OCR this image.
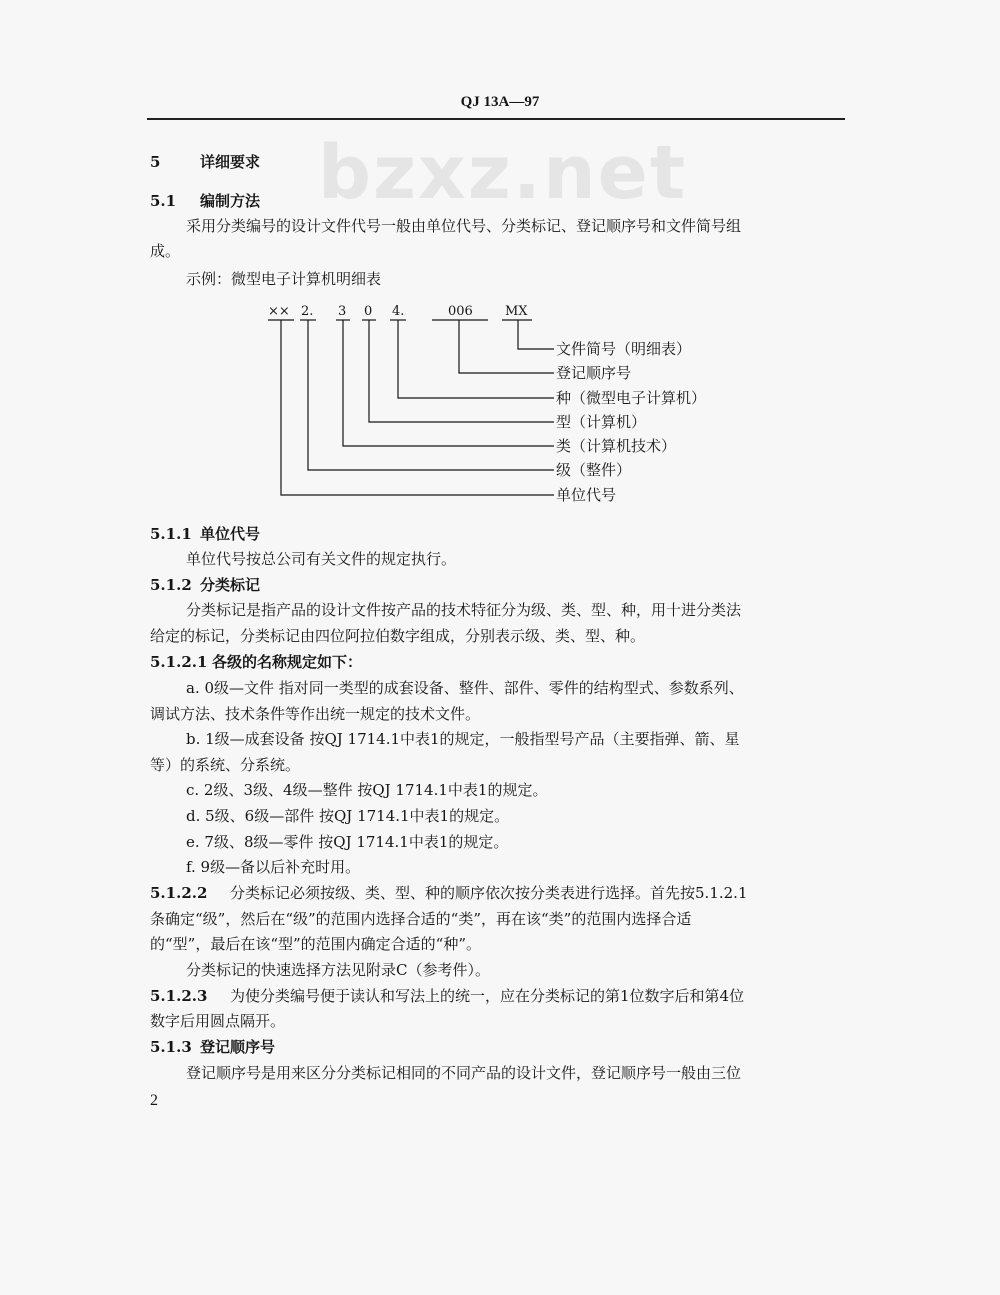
QJ 13A—97
bzxz.net
5	详细要求
5.1 编制方法
采用分类编号的设计文件代号一般由单位代号、分类标记、登记顺序号和文件简号组
成。
示例：微型电子计算机明细表
×× 2. 3 0 4.	006 MX
文件简号（明细表）
登记顺序号
种（微型电子计算机）
型（计算机）
类（计算机技术）
级（整件）
单位代号
5.1.1 单位代号
单位代号按总公司有关文件的规定执行。
5.1.2 分类标记
分类标记是指产品的设计文件按产品的技术特征分为级、类、型、种，用十进分类法
给定的标记，分类标记由四位阿拉伯数字组成，分别表示级、类、型、种。
5.1.2.1 各级的名称规定如下：
a. 0级—文件 指对同一类型的成套设备、整件、部件、零件的结构型式、参数系列、
调试方法、技术条件等作出统一规定的技术文件。
b. 1级—成套设备 按QJ 1714.1中表1的规定，一般指型号产品（主要指弹、箭、星
等）的系统、分系统。
c. 2级、3级、4级—整件 按QJ 1714.1中表1的规定。
d. 5级、6级—部件 按QJ 1714.1中表1的规定。
e. 7级、8级—零件 按QJ 1714.1中表1的规定。
f. 9级—备以后补充时用。
5.1.2.2 分类标记必须按级、类、型、种的顺序依次按分类表进行选择。首先按5.1.2.1
条确定“级”，然后在“级”的范围内选择合适的“类”，再在该“类”的范围内选择合适
的“型”，最后在该“型”的范围内确定合适的“种”。
分类标记的快速选择方法见附录C（参考件）。
5.1.2.3 为使分类编号便于读认和写法上的统一，应在分类标记的第1位数字后和第4位
数字后用圆点隔开。
5.1.3 登记顺序号
登记顺序号是用来区分分类标记相同的不同产品的设计文件，登记顺序号一般由三位
2
